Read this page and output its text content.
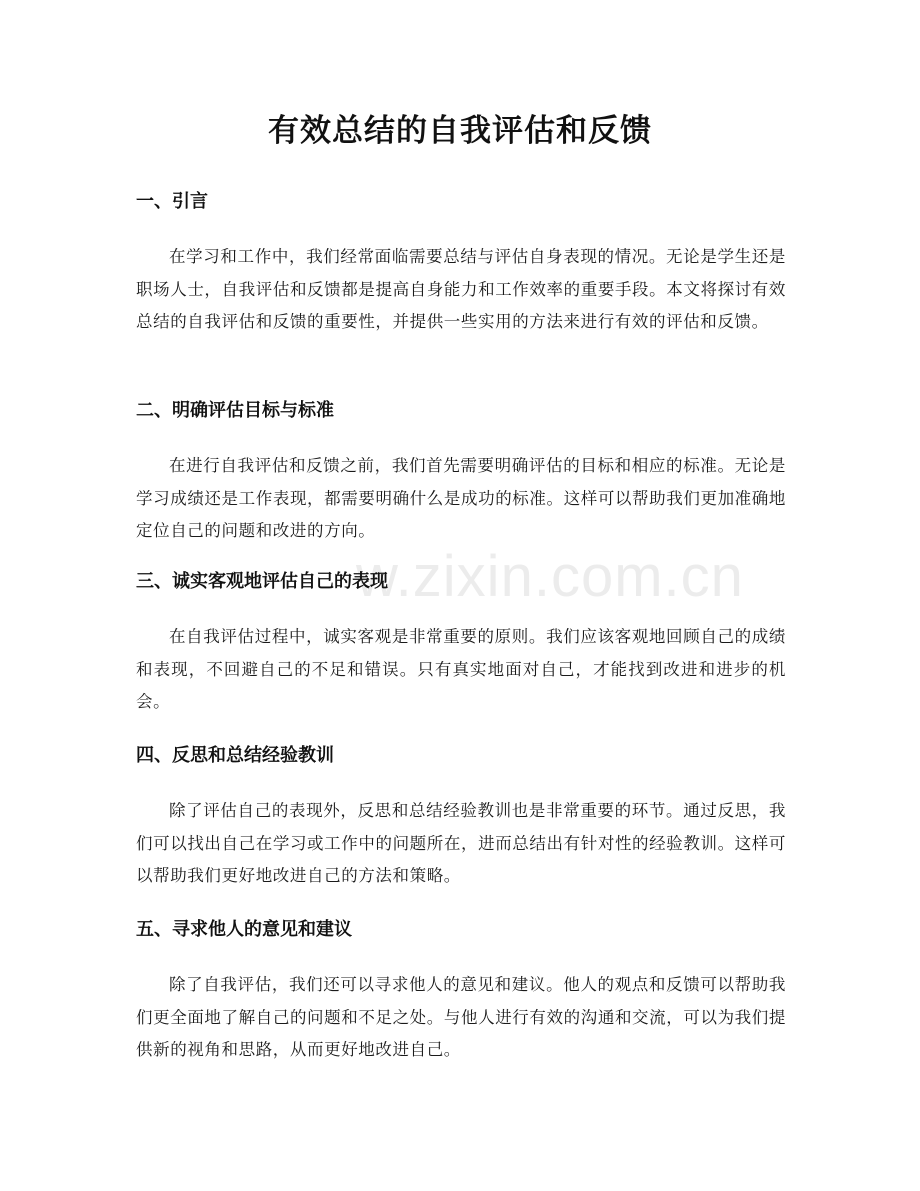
w.zixin.com.cn
有效总结的自我评估和反馈
一、引言

在学习和工作中，我们经常面临需要总结与评估自身表现的情况。无论是学生还是职场人士，自我评估和反馈都是提高自身能力和工作效率的重要手段。本文将探讨有效总结的自我评估和反馈的重要性，并提供一些实用的方法来进行有效的评估和反馈。

二、明确评估目标与标准

在进行自我评估和反馈之前，我们首先需要明确评估的目标和相应的标准。无论是学习成绩还是工作表现，都需要明确什么是成功的标准。这样可以帮助我们更加准确地定位自己的问题和改进的方向。

三、诚实客观地评估自己的表现

在自我评估过程中，诚实客观是非常重要的原则。我们应该客观地回顾自己的成绩和表现，不回避自己的不足和错误。只有真实地面对自己，才能找到改进和进步的机会。

四、反思和总结经验教训

除了评估自己的表现外，反思和总结经验教训也是非常重要的环节。通过反思，我们可以找出自己在学习或工作中的问题所在，进而总结出有针对性的经验教训。这样可以帮助我们更好地改进自己的方法和策略。

五、寻求他人的意见和建议

除了自我评估，我们还可以寻求他人的意见和建议。他人的观点和反馈可以帮助我们更全面地了解自己的问题和不足之处。与他人进行有效的沟通和交流，可以为我们提供新的视角和思路，从而更好地改进自己。
